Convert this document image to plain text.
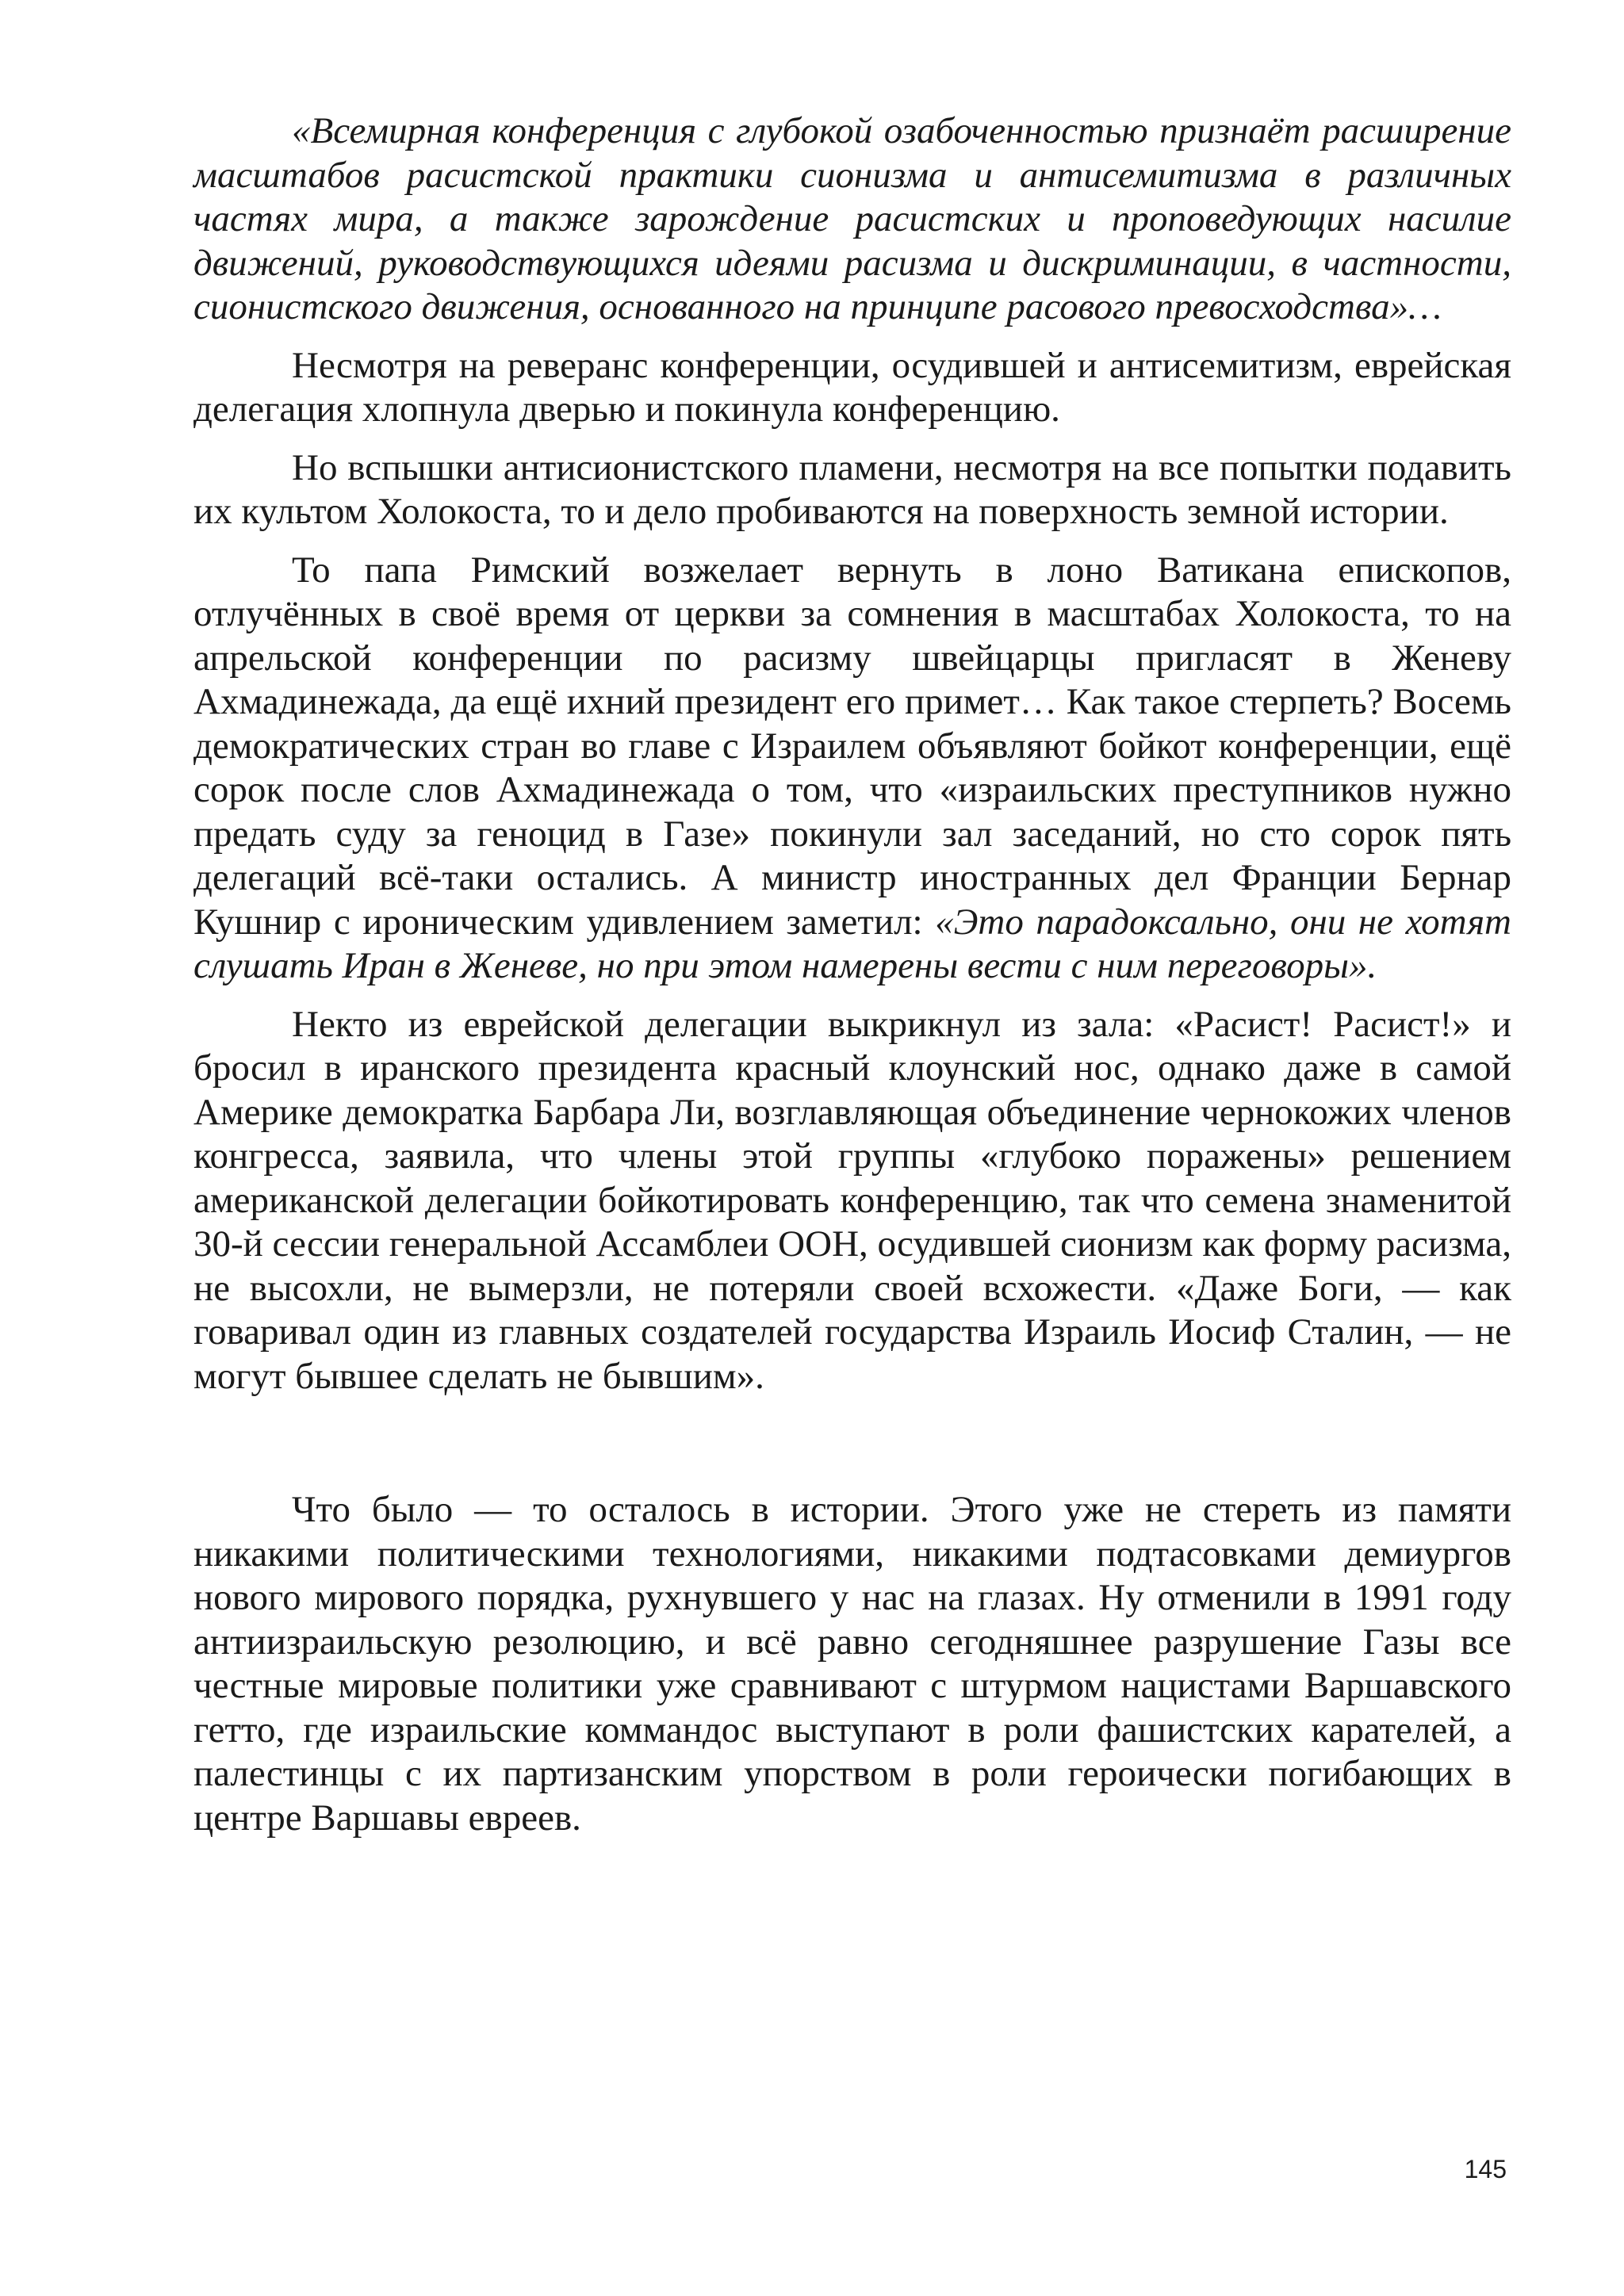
«Всемирная конференция с глубокой озабоченностью признаёт расширение масштабов расистской практики сионизма и антисемитизма в различных частях мира, а также зарождение расистских и проповедующих насилие движений, руководствующихся идеями расизма и дискриминации, в частности, сионистского движения, основанного на принципе расового превосходства»…

Несмотря на реверанс конференции, осудившей и антисемитизм, еврейская делегация хлопнула дверью и покинула конференцию.

Но вспышки антисионистского пламени, несмотря на все попытки подавить их культом Холокоста, то и дело пробиваются на поверхность земной истории.

То папа Римский возжелает вернуть в лоно Ватикана епископов, отлучённых в своё время от церкви за сомнения в масштабах Холокоста, то на апрельской конференции по расизму швейцарцы пригласят в Женеву Ахмадинежада, да ещё ихний президент его примет… Как такое стерпеть? Восемь демократических стран во главе с Израилем объявляют бойкот конференции, ещё сорок после слов Ахмадинежада о том, что «израильских преступников нужно предать суду за геноцид в Газе» покинули зал заседаний, но сто сорок пять делегаций всё-таки остались. А министр иностранных дел Франции Бернар Кушнир с ироническим удивлением заметил: «Это парадоксально, они не хотят слушать Иран в Женеве, но при этом намерены вести с ним переговоры».

Некто из еврейской делегации выкрикнул из зала: «Расист! Расист!» и бросил в иранского президента красный клоунский нос, однако даже в самой Америке демократка Барбара Ли, возглавляющая объединение чернокожих членов конгресса, заявила, что члены этой группы «глубоко поражены» решением американской делегации бойкотировать конференцию, так что семена знаменитой 30-й сессии генеральной Ассамблеи ООН, осудившей сионизм как форму расизма, не высохли, не вымерзли, не потеряли своей всхожести. «Даже Боги, — как говаривал один из главных создателей государства Израиль Иосиф Сталин, — не могут бывшее сделать не бывшим».

Что было — то осталось в истории. Этого уже не стереть из памяти никакими политическими технологиями, никакими подтасовками демиургов нового мирового порядка, рухнувшего у нас на глазах. Ну отменили в 1991 году антиизраильскую резолюцию, и всё равно сегодняшнее разрушение Газы все честные мировые политики уже сравнивают с штурмом нацистами Варшавского гетто, где израильские коммандос выступают в роли фашистских карателей, а палестинцы с их партизанским упорством в роли героически погибающих в центре Варшавы евреев.

145
